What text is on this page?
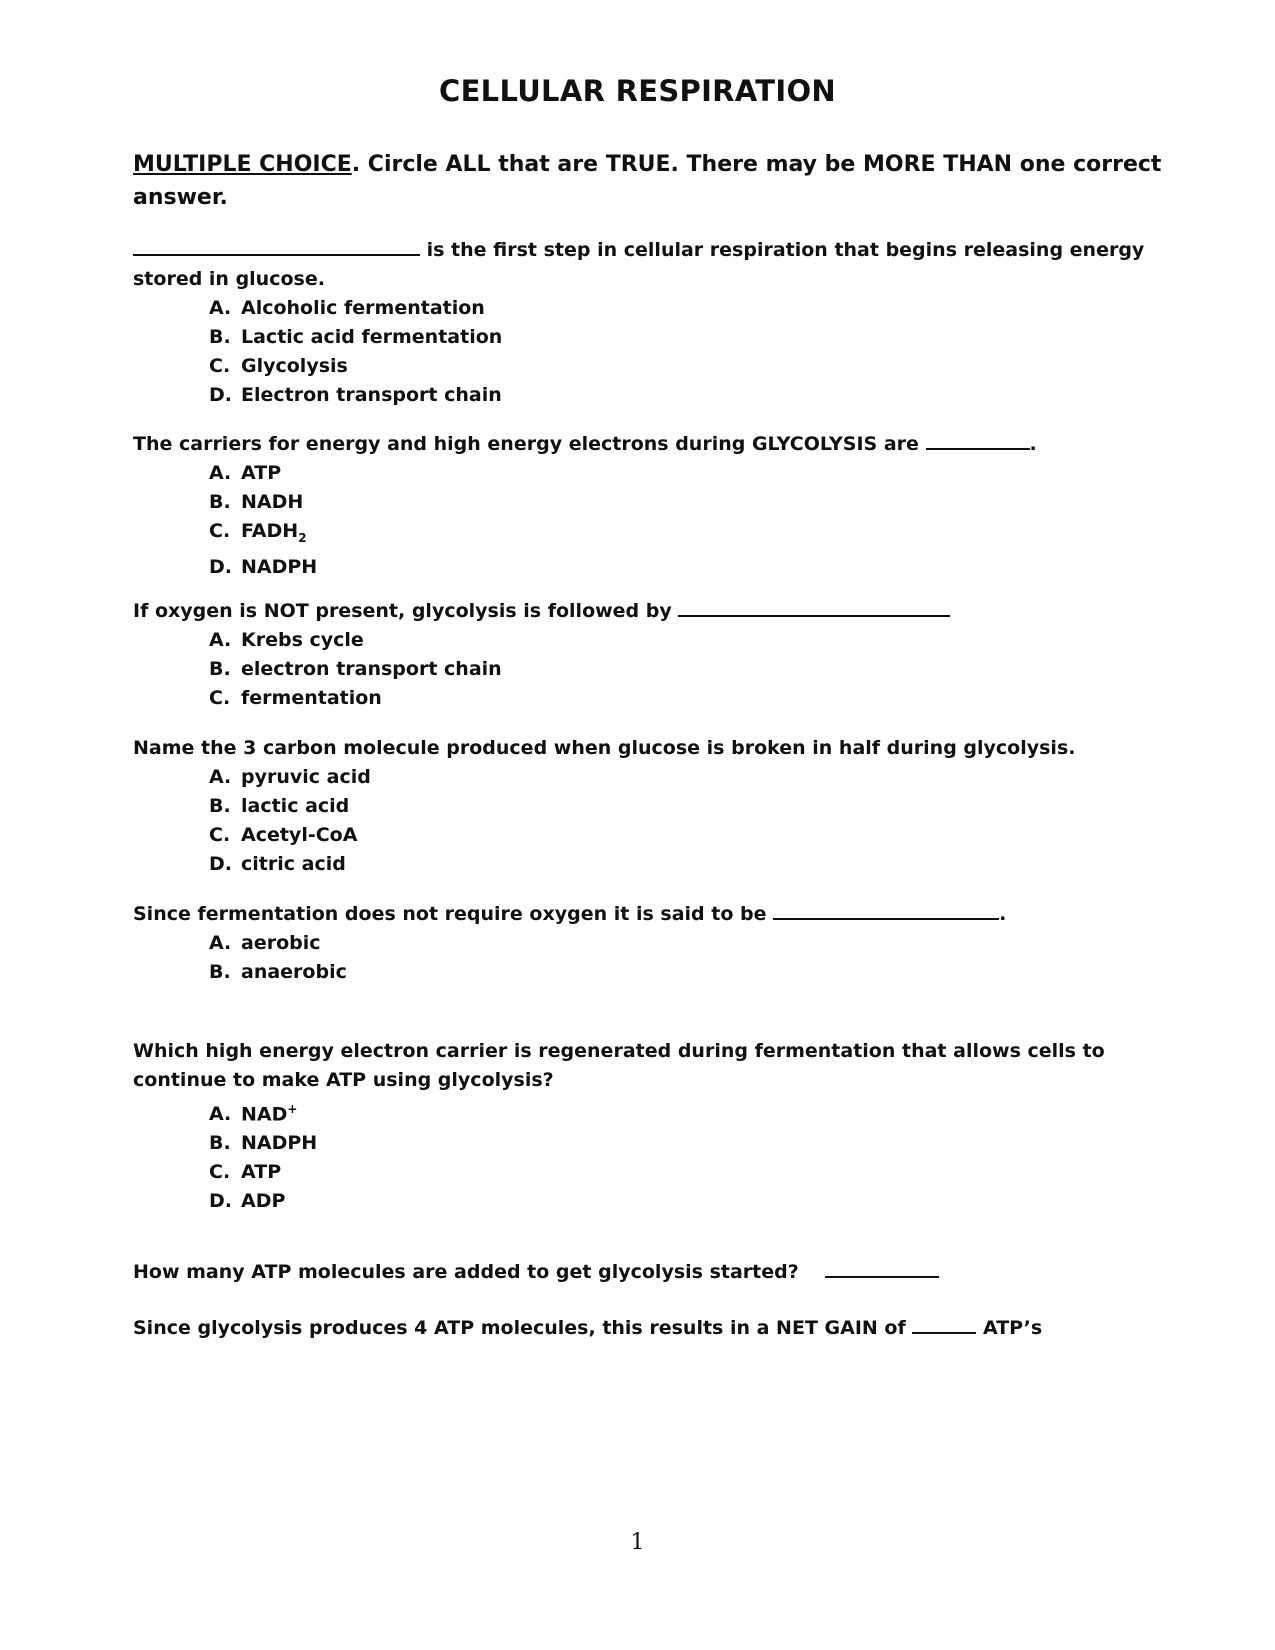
CELLULAR RESPIRATION
MULTIPLE CHOICE. Circle ALL that are TRUE. There may be MORE THAN one correct answer.

is the first step in cellular respiration that begins releasing energy stored in glucose.

A. Alcoholic fermentation
B. Lactic acid fermentation
C. Glycolysis
D. Electron transport chain

The carriers for energy and high energy electrons during GLYCOLYSIS are	.

A. ATP
B. NADH
C. $FADH_2$
D. NADPH

If oxygen is NOT present, glycolysis is followed by

A. Krebs cycle
B. electron transport chain
C. fermentation

Name the 3 carbon molecule produced when glucose is broken in half during glycolysis.

A. pyruvic acid
B. lactic acid
C. Acetyl-CoA
D. citric acid

Since fermentation does not require oxygen it is said to be	.

A. aerobic
B. anaerobic

Which high energy electron carrier is regenerated during fermentation that allows cells to continue to make ATP using glycolysis?

A. NAD+
B. NADPH
C. ATP
D. ADP

How many ATP molecules are added to get glycolysis started?

Since glycolysis produces 4 ATP molecules, this results in a NET GAIN of	ATP’s

1
